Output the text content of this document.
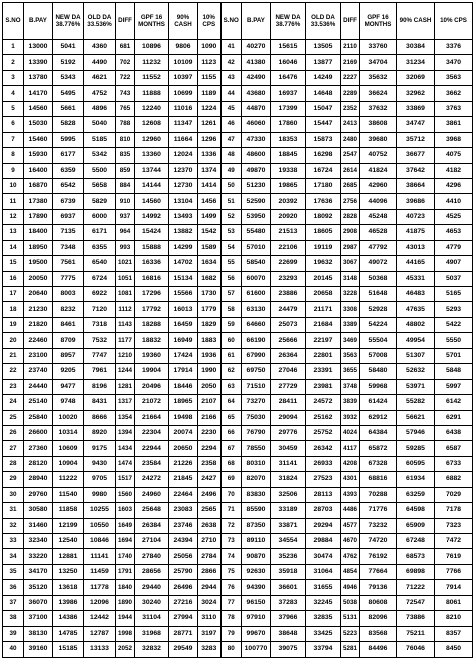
S.NO	B.PAY	NEW DA 38.776%	OLD DA 33.536%	DIFF	GPF 16 MONTHS	90% CASH	10% CPS	S.NO	B.PAY	NEW DA 38.776%	OLD DA 33.536%	DIFF	GPF 16 MONTHS	90% CASH	10% CPS
1	13000	5041	4360	681	10896	9806	1090	41	40270	15615	13505	2110	33760	30384	3376
2	13390	5192	4490	702	11232	10109	1123	42	41380	16046	13877	2169	34704	31234	3470
3	13780	5343	4621	722	11552	10397	1155	43	42490	16476	14249	2227	35632	32069	3563
4	14170	5495	4752	743	11888	10699	1189	44	43680	16937	14648	2289	36624	32962	3662
5	14560	5661	4896	765	12240	11016	1224	45	44870	17399	15047	2352	37632	33869	3763
6	15030	5828	5040	788	12608	11347	1261	46	46060	17860	15447	2413	38608	34747	3861
7	15460	5995	5185	810	12960	11664	1296	47	47330	18353	15873	2480	39680	35712	3968
8	15930	6177	5342	835	13360	12024	1336	48	48600	18845	16298	2547	40752	36677	4075
9	16400	6359	5500	859	13744	12370	1374	49	49870	19338	16724	2614	41824	37642	4182
10	16870	6542	5658	884	14144	12730	1414	50	51230	19865	17180	2685	42960	38664	4296
11	17380	6739	5829	910	14560	13104	1456	51	52590	20392	17636	2756	44096	39686	4410
12	17890	6937	6000	937	14992	13493	1499	52	53950	20920	18092	2828	45248	40723	4525
13	18400	7135	6171	964	15424	13882	1542	53	55480	21513	18605	2908	46528	41875	4653
14	18950	7348	6355	993	15888	14299	1589	54	57010	22106	19119	2987	47792	43013	4779
15	19500	7561	6540	1021	16336	14702	1634	55	58540	22699	19632	3067	49072	44165	4907
16	20050	7775	6724	1051	16816	15134	1682	56	60070	23293	20145	3148	50368	45331	5037
17	20640	8003	6922	1081	17296	15566	1730	57	61600	23886	20658	3228	51648	46483	5165
18	21230	8232	7120	1112	17792	16013	1779	58	63130	24479	21171	3308	52928	47635	5293
19	21820	8461	7318	1143	18288	16459	1829	59	64660	25073	21684	3389	54224	48802	5422
20	22460	8709	7532	1177	18832	16949	1883	60	66190	25666	22197	3469	55504	49954	5550
21	23100	8957	7747	1210	19360	17424	1936	61	67990	26364	22801	3563	57008	51307	5701
22	23740	9205	7961	1244	19904	17914	1990	62	69750	27046	23391	3655	58480	52632	5848
23	24440	9477	8196	1281	20496	18446	2050	63	71510	27729	23981	3748	59968	53971	5997
24	25140	9748	8431	1317	21072	18965	2107	64	73270	28411	24572	3839	61424	55282	6142
25	25840	10020	8666	1354	21664	19498	2166	65	75030	29094	25162	3932	62912	56621	6291
26	26600	10314	8920	1394	22304	20074	2230	66	76790	29776	25752	4024	64384	57946	6438
27	27360	10609	9175	1434	22944	20650	2294	67	78550	30459	26342	4117	65872	59285	6587
28	28120	10904	9430	1474	23584	21226	2358	68	80310	31141	26933	4208	67328	60595	6733
29	28940	11222	9705	1517	24272	21845	2427	69	82070	31824	27523	4301	68816	61934	6882
30	29760	11540	9980	1560	24960	22464	2496	70	83830	32506	28113	4393	70288	63259	7029
31	30580	11858	10255	1603	25648	23083	2565	71	85590	33189	28703	4486	71776	64598	7178
32	31460	12199	10550	1649	26384	23746	2638	72	87350	33871	29294	4577	73232	65909	7323
33	32340	12540	10846	1694	27104	24394	2710	73	89110	34554	29884	4670	74720	67248	7472
34	33220	12881	11141	1740	27840	25056	2784	74	90870	35236	30474	4762	76192	68573	7619
35	34170	13250	11459	1791	28656	25790	2866	75	92630	35918	31064	4854	77664	69898	7766
36	35120	13618	11778	1840	29440	26496	2944	76	94390	36601	31655	4946	79136	71222	7914
37	36070	13986	12096	1890	30240	27216	3024	77	96150	37283	32245	5038	80608	72547	8061
38	37100	14386	12442	1944	31104	27994	3110	78	97910	37966	32835	5131	82096	73886	8210
39	38130	14785	12787	1998	31968	28771	3197	79	99670	38648	33425	5223	83568	75211	8357
40	39160	15185	13133	2052	32832	29549	3283	80	100770	39075	33794	5281	84496	76046	8450
